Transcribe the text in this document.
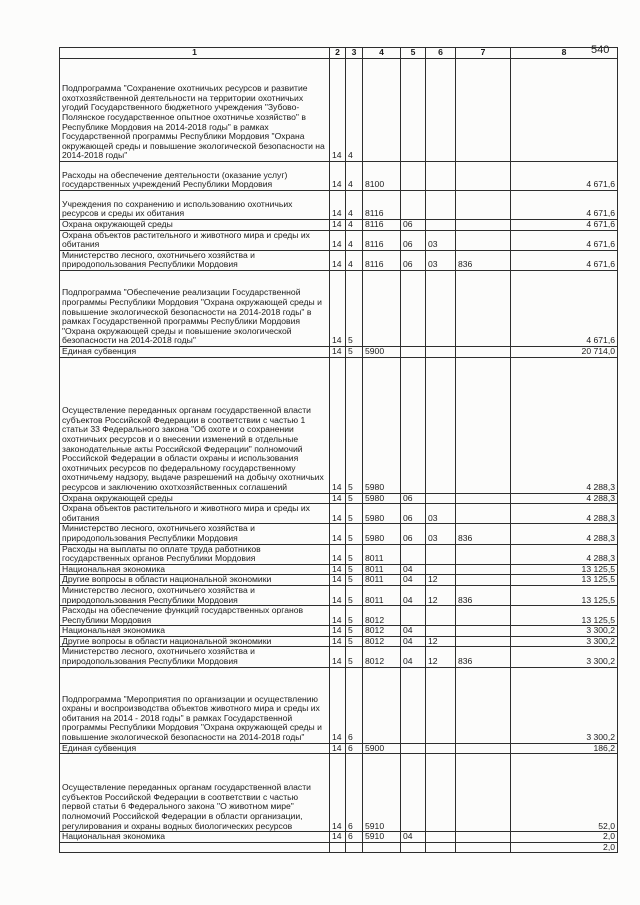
540
1	2	3	4	5	6	7	8
Подпрограмма "Сохранение охотничьих ресурсов и развитие охотхозяйственной деятельности на территории охотничьих угодий Государственного бюджетного учреждения "Зубово-Полянское государственное опытное охотничье хозяйство" в Республике Мордовия на 2014-2018 годы" в рамках Государственной программы Республики Мордовия "Охрана окружающей среды и повышение экологической безопасности на 2014-2018 годы"	14	4					
Расходы на обеспечение деятельности (оказание услуг) государственных учреждений Республики Мордовия	14	4	8100				4 671,6
Учреждения по сохранению и использованию охотничьих ресурсов и среды их обитания	14	4	8116				4 671,6
Охрана окружающей среды	14	4	8116	06			4 671,6
Охрана объектов растительного и животного мира и среды их обитания	14	4	8116	06	03		4 671,6
Министерство лесного, охотничьего хозяйства и природопользования Республики Мордовия	14	4	8116	06	03	836	4 671,6
Подпрограмма "Обеспечение реализации Государственной программы Республики Мордовия "Охрана окружающей среды и повышение экологической безопасности на 2014-2018 годы" в рамках Государственной программы Республики Мордовия "Охрана окружающей среды и повышение экологической безопасности на 2014-2018 годы"	14	5					4 671,6
Единая субвенция	14	5	5900				20 714,0
Осуществление переданных органам государственной власти субъектов Российской Федерации в соответствии с частью 1 статьи 33 Федерального закона "Об охоте и о сохранении охотничьих ресурсов и о внесении изменений в отдельные законодательные акты Российской Федерации" полномочий Российской Федерации в области охраны и использования охотничьих ресурсов по федеральному государственному охотничьему надзору, выдаче разрешений на добычу охотничьих ресурсов и заключению охотхозяйственных соглашений	14	5	5980				4 288,3
Охрана окружающей среды	14	5	5980	06			4 288,3
Охрана объектов растительного и животного мира и среды их обитания	14	5	5980	06	03		4 288,3
Министерство лесного, охотничьего хозяйства и природопользования Республики Мордовия	14	5	5980	06	03	836	4 288,3
Расходы на выплаты по оплате труда работников государственных органов Республики Мордовия	14	5	8011				4 288,3
Национальная экономика	14	5	8011	04			13 125,5
Другие вопросы в области национальной экономики	14	5	8011	04	12		13 125,5
Министерство лесного, охотничьего хозяйства и природопользования Республики Мордовия	14	5	8011	04	12	836	13 125,5
Расходы на обеспечение функций государственных органов Республики Мордовия	14	5	8012				13 125,5
Национальная экономика	14	5	8012	04			3 300,2
Другие вопросы в области национальной экономики	14	5	8012	04	12		3 300,2
Министерство лесного, охотничьего хозяйства и природопользования Республики Мордовия	14	5	8012	04	12	836	3 300,2
Подпрограмма "Мероприятия по организации и осуществлению охраны и воспроизводства объектов животного мира и среды их обитания на 2014 - 2018 годы" в рамках Государственной программы Республики Мордовия "Охрана окружающей среды и повышение экологической безопасности на 2014-2018 годы"	14	6					3 300,2
Единая субвенция	14	6	5900				186,2
Осуществление переданных органам государственной власти субъектов Российской Федерации в соответствии с частью первой статьи 6 Федерального закона "О животном мире" полномочий Российской Федерации в области организации, регулирования и охраны водных биологических ресурсов	14	6	5910				52,0
Национальная экономика	14	6	5910	04			2,0
							2,0
